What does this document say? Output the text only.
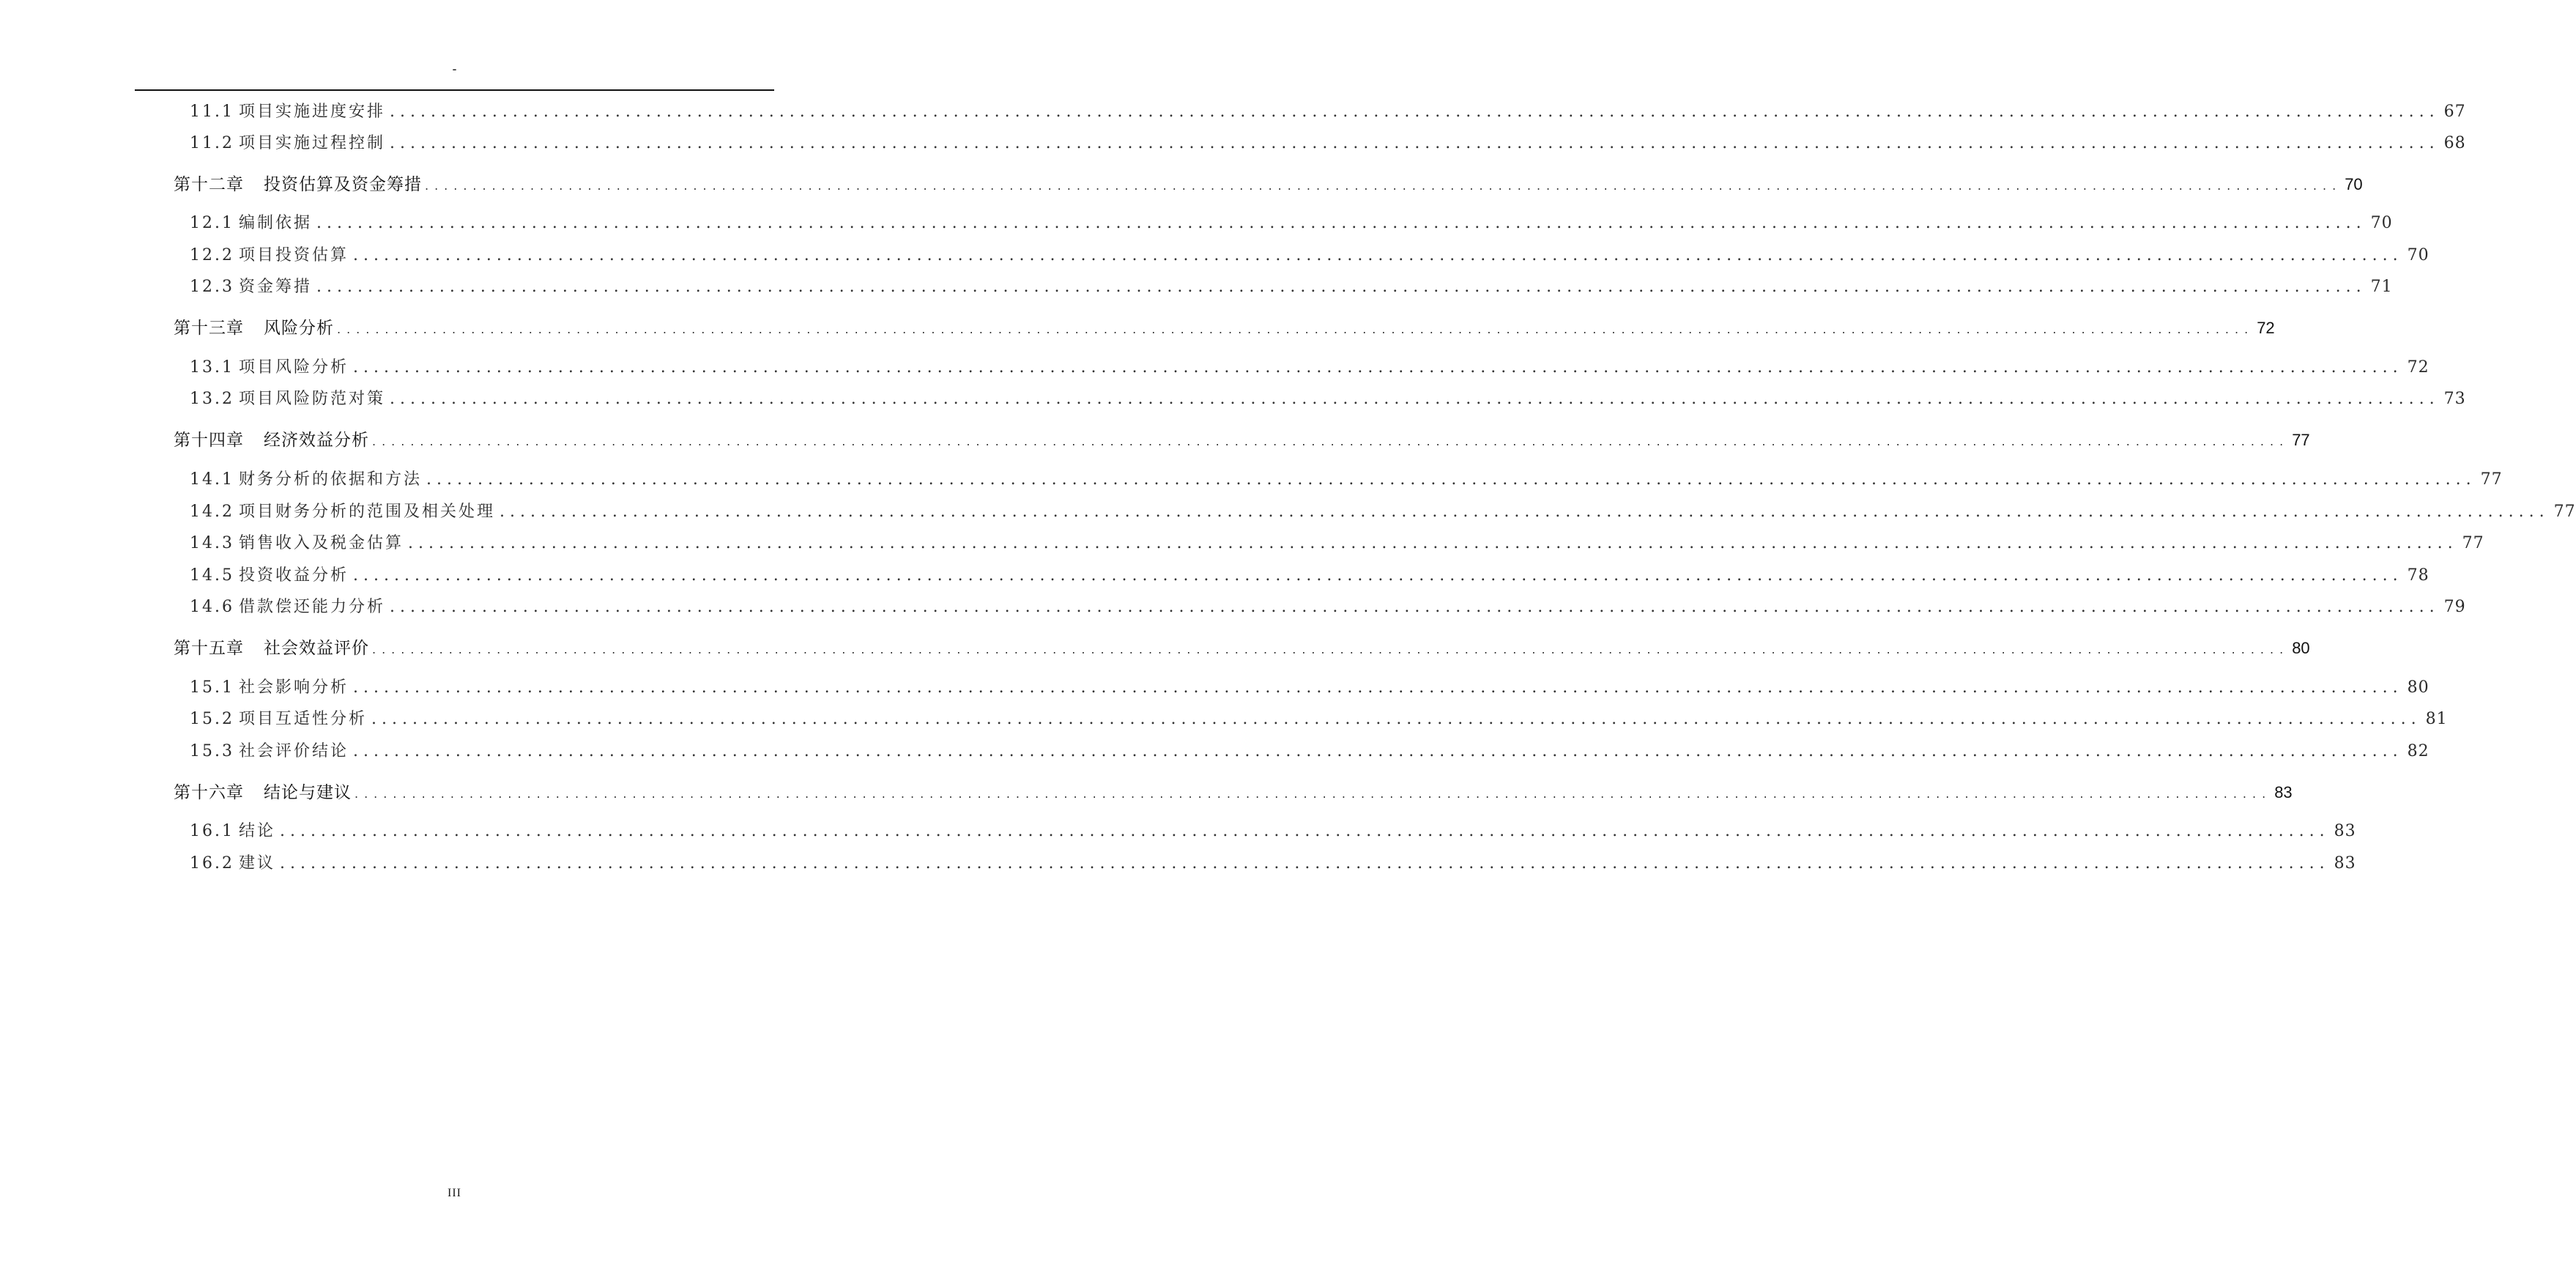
-
11.1 项目实施进度安排 ........................................................................................................................................................................................................ 67
11.2 项目实施过程控制 ........................................................................................................................................................................................................ 68
第十二章	投资估算及资金筹措 ........................................................................................................................................................................................................ 70
12.1 编制依据 ........................................................................................................................................................................................................ 70
12.2 项目投资估算 ........................................................................................................................................................................................................ 70
12.3 资金筹措 ........................................................................................................................................................................................................ 71
第十三章	风险分析 ........................................................................................................................................................................................................ 72
13.1 项目风险分析 ........................................................................................................................................................................................................ 72
13.2 项目风险防范对策 ........................................................................................................................................................................................................ 73
第十四章	经济效益分析 ........................................................................................................................................................................................................ 77
14.1 财务分析的依据和方法 ........................................................................................................................................................................................................ 77
14.2 项目财务分析的范围及相关处理 ........................................................................................................................................................................................................ 77
14.3 销售收入及税金估算 ........................................................................................................................................................................................................ 77
14.5 投资收益分析 ........................................................................................................................................................................................................ 78
14.6 借款偿还能力分析 ........................................................................................................................................................................................................ 79
第十五章	社会效益评价 ........................................................................................................................................................................................................ 80
15.1 社会影响分析 ........................................................................................................................................................................................................ 80
15.2 项目互适性分析 ........................................................................................................................................................................................................ 81
15.3 社会评价结论 ........................................................................................................................................................................................................ 82
第十六章	结论与建议 ........................................................................................................................................................................................................ 83
16.1 结论 ........................................................................................................................................................................................................ 83
16.2 建议 ........................................................................................................................................................................................................ 83
III
